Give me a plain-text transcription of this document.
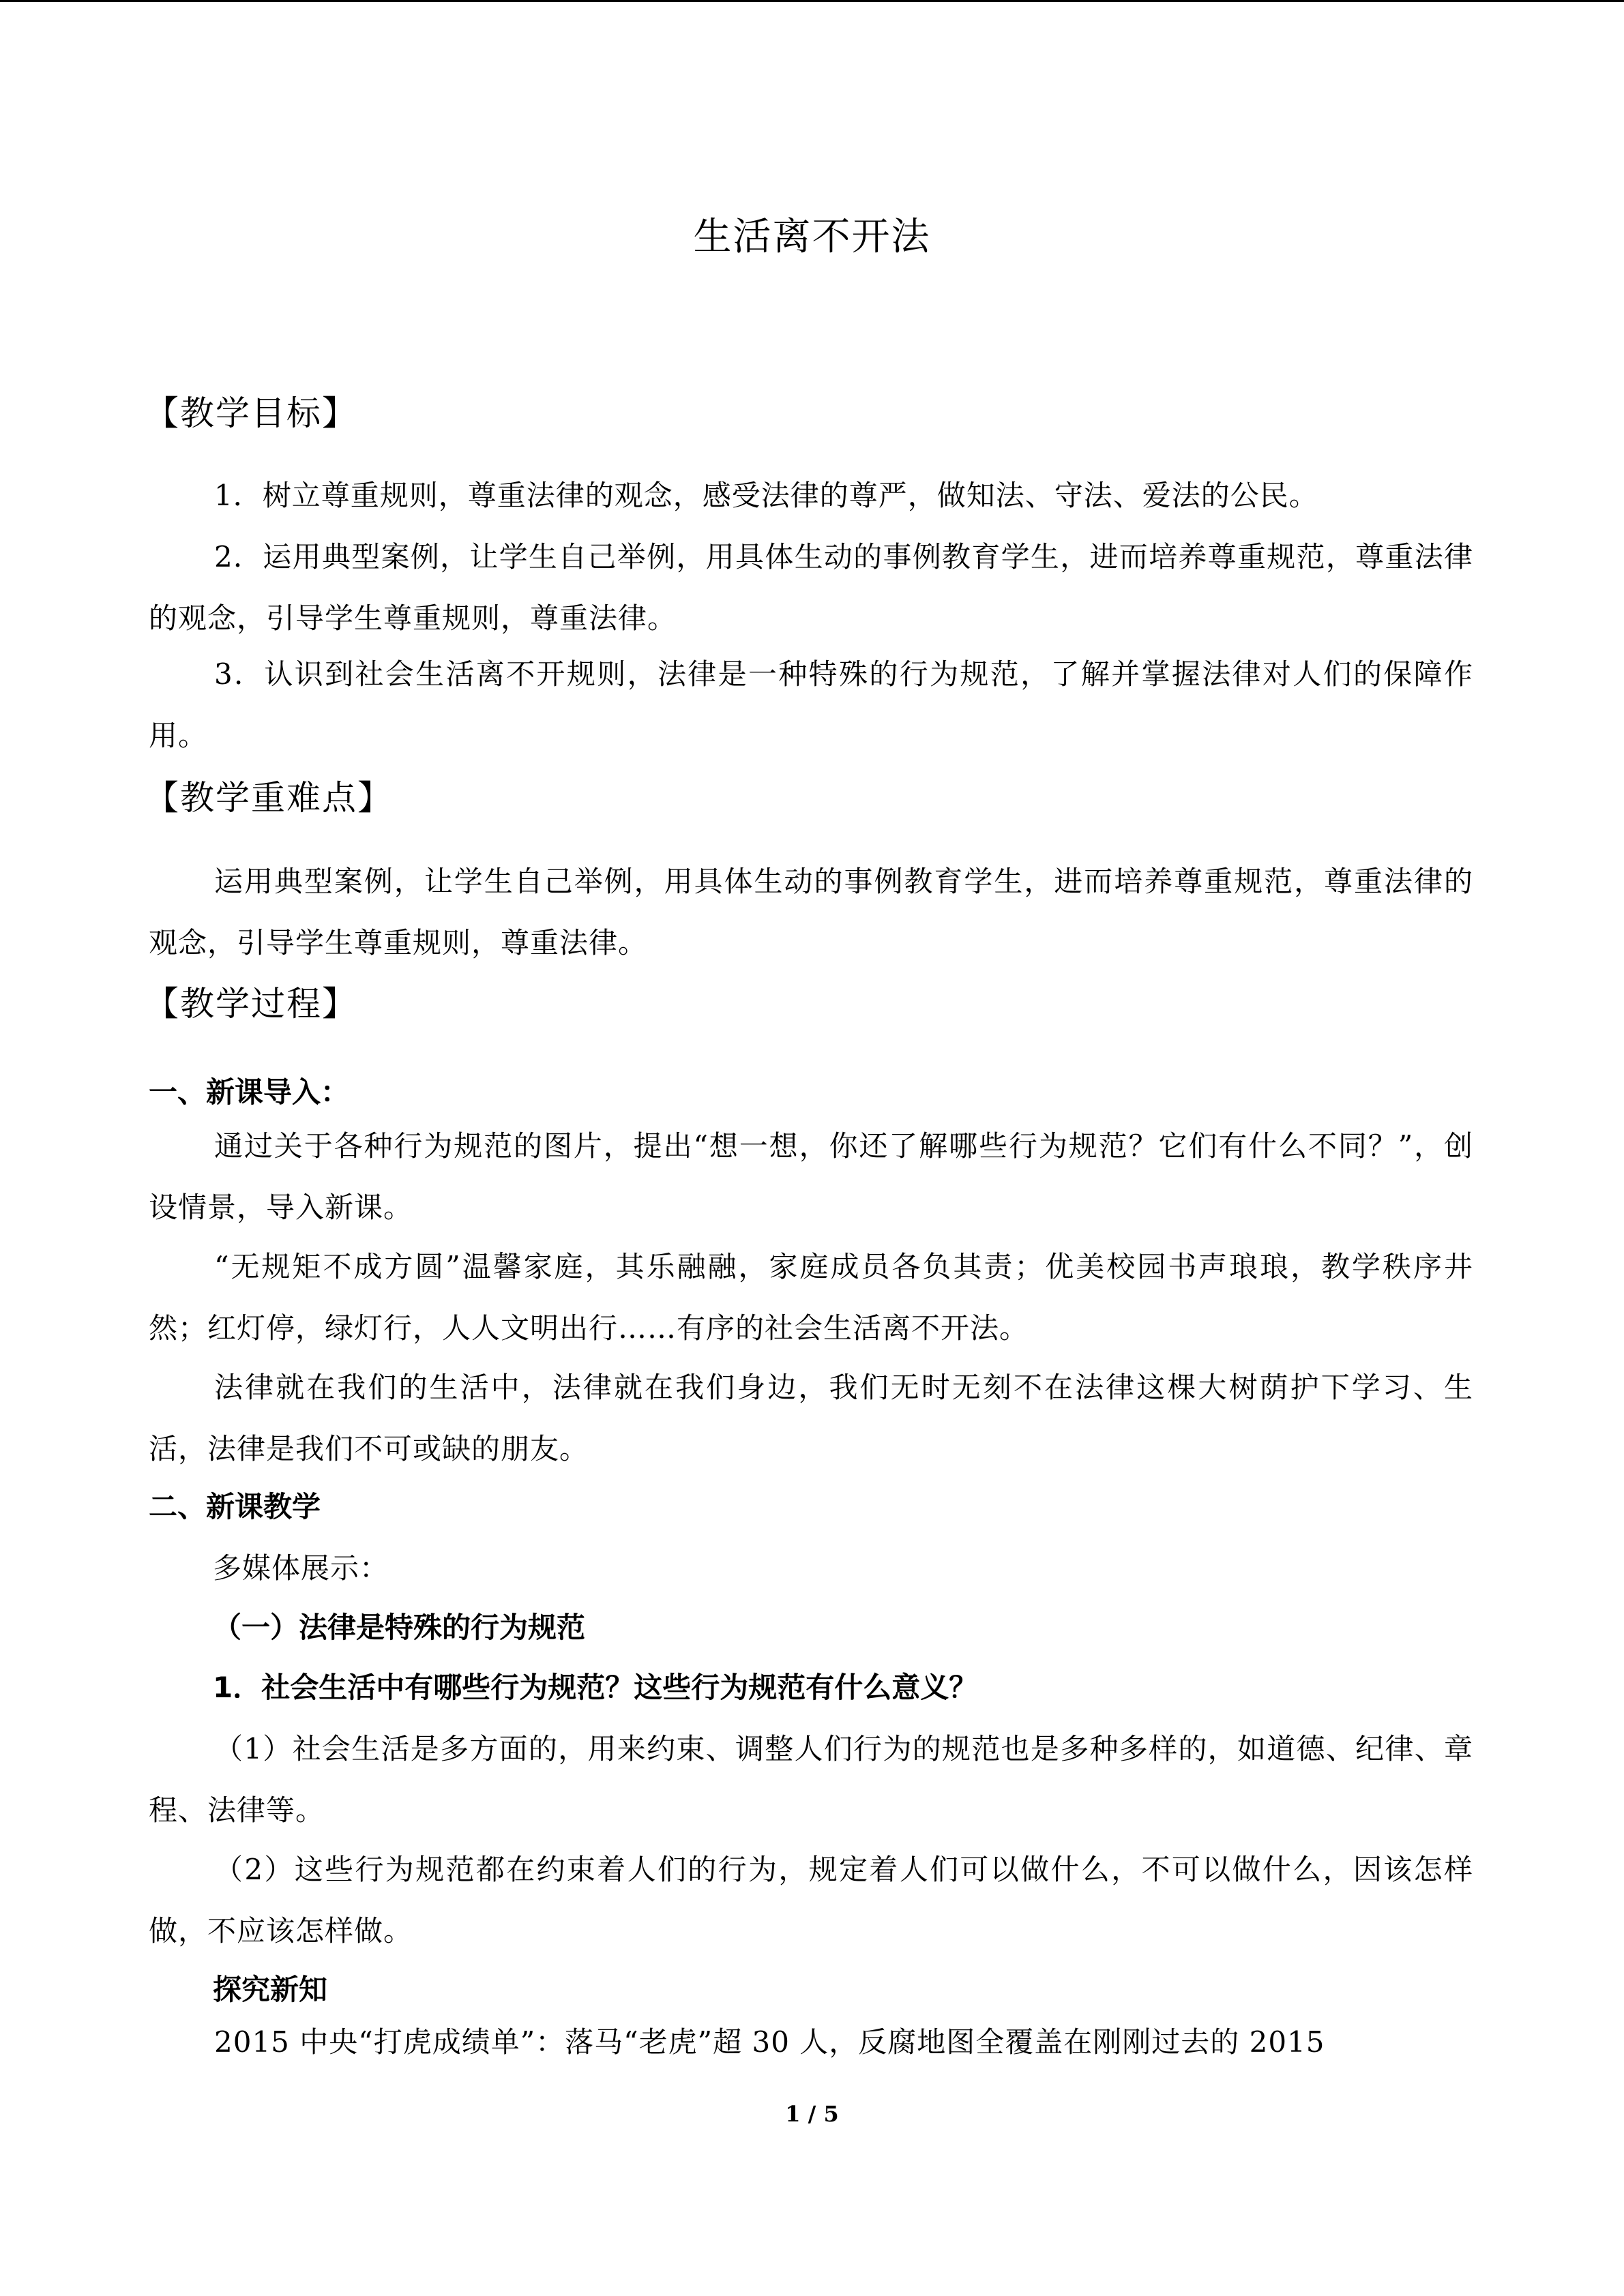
生活离不开法
【教学目标】
1．树立尊重规则，尊重法律的观念，感受法律的尊严，做知法、守法、爱法的公民。
2．运用典型案例，让学生自己举例，用具体生动的事例教育学生，进而培养尊重规范，尊重法律的观念，引导学生尊重规则，尊重法律。
3．认识到社会生活离不开规则，法律是一种特殊的行为规范，了解并掌握法律对人们的保障作用。
【教学重难点】
运用典型案例，让学生自己举例，用具体生动的事例教育学生，进而培养尊重规范，尊重法律的观念，引导学生尊重规则，尊重法律。
【教学过程】
一、新课导入：
通过关于各种行为规范的图片，提出“想一想，你还了解哪些行为规范？它们有什么不同？”，创设情景，导入新课。
“无规矩不成方圆”温馨家庭，其乐融融，家庭成员各负其责；优美校园书声琅琅，教学秩序井然；红灯停，绿灯行，人人文明出行……有序的社会生活离不开法。
法律就在我们的生活中，法律就在我们身边，我们无时无刻不在法律这棵大树荫护下学习、生活，法律是我们不可或缺的朋友。
二、新课教学
多媒体展示：
（一）法律是特殊的行为规范
1．社会生活中有哪些行为规范？这些行为规范有什么意义？
（1）社会生活是多方面的，用来约束、调整人们行为的规范也是多种多样的，如道德、纪律、章程、法律等。
（2）这些行为规范都在约束着人们的行为，规定着人们可以做什么，不可以做什么，因该怎样做，不应该怎样做。
探究新知
2015 中央“打虎成绩单”：落马“老虎”超 30 人，反腐地图全覆盖在刚刚过去的 2015
1 / 5
